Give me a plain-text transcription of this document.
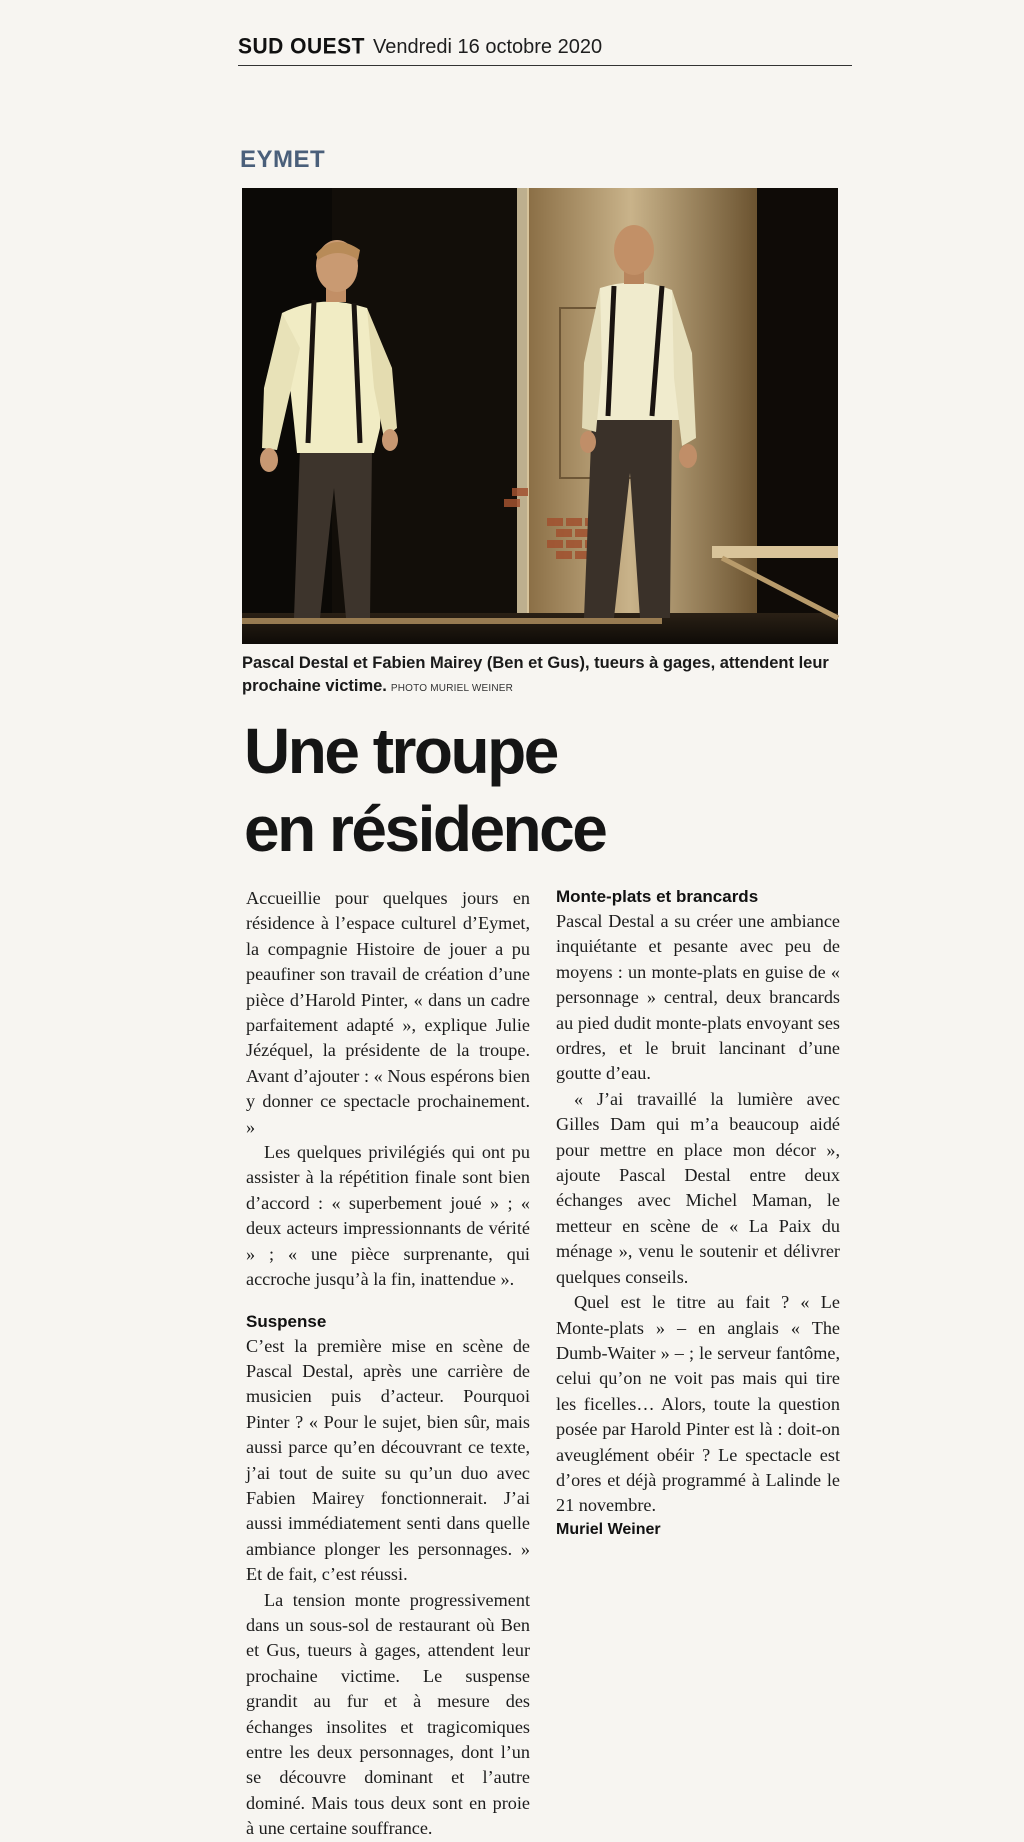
SUD OUEST Vendredi 16 octobre 2020
EYMET
Pascal Destal et Fabien Mairey (Ben et Gus), tueurs à gages, attendent leur prochaine victime. PHOTO MURIEL WEINER
Une troupe
en résidence

Accueillie pour quelques jours en résidence à l’espace culturel d’Eymet, la compagnie Histoire de jouer a pu peaufiner son travail de création d’une pièce d’Harold Pinter, « dans un cadre parfaitement adapté », explique Julie Jézéquel, la présidente de la troupe. Avant d’ajouter : « Nous espérons bien y donner ce spectacle prochainement. »

Les quelques privilégiés qui ont pu assister à la répétition finale sont bien d’accord : « superbement joué » ; « deux acteurs impressionnants de vérité » ; « une pièce surprenante, qui accroche jusqu’à la fin, inattendue ».

Suspense

C’est la première mise en scène de Pascal Destal, après une carrière de musicien puis d’acteur. Pourquoi Pinter ? « Pour le sujet, bien sûr, mais aussi parce qu’en découvrant ce texte, j’ai tout de suite su qu’un duo avec Fabien Mairey fonctionnerait. J’ai aussi immédiatement senti dans quelle ambiance plonger les personnages. » Et de fait, c’est réussi.

La tension monte progressivement dans un sous-sol de restaurant où Ben et Gus, tueurs à gages, attendent leur prochaine victime. Le suspense grandit au fur et à mesure des échanges insolites et tragicomiques entre les deux personnages, dont l’un se découvre dominant et l’autre dominé. Mais tous deux sont en proie à une certaine souffrance.

Monte-plats et brancards

Pascal Destal a su créer une ambiance inquiétante et pesante avec peu de moyens : un monte-plats en guise de « personnage » central, deux brancards au pied dudit monte-plats envoyant ses ordres, et le bruit lancinant d’une goutte d’eau.

« J’ai travaillé la lumière avec Gilles Dam qui m’a beaucoup aidé pour mettre en place mon décor », ajoute Pascal Destal entre deux échanges avec Michel Maman, le metteur en scène de « La Paix du ménage », venu le soutenir et délivrer quelques conseils.

Quel est le titre au fait ? « Le Monte-plats » – en anglais « The Dumb-Waiter » – ; le serveur fantôme, celui qu’on ne voit pas mais qui tire les ficelles… Alors, toute la question posée par Harold Pinter est là : doit-on aveuglément obéir ? Le spectacle est d’ores et déjà programmé à Lalinde le 21 novembre.

Muriel Weiner
